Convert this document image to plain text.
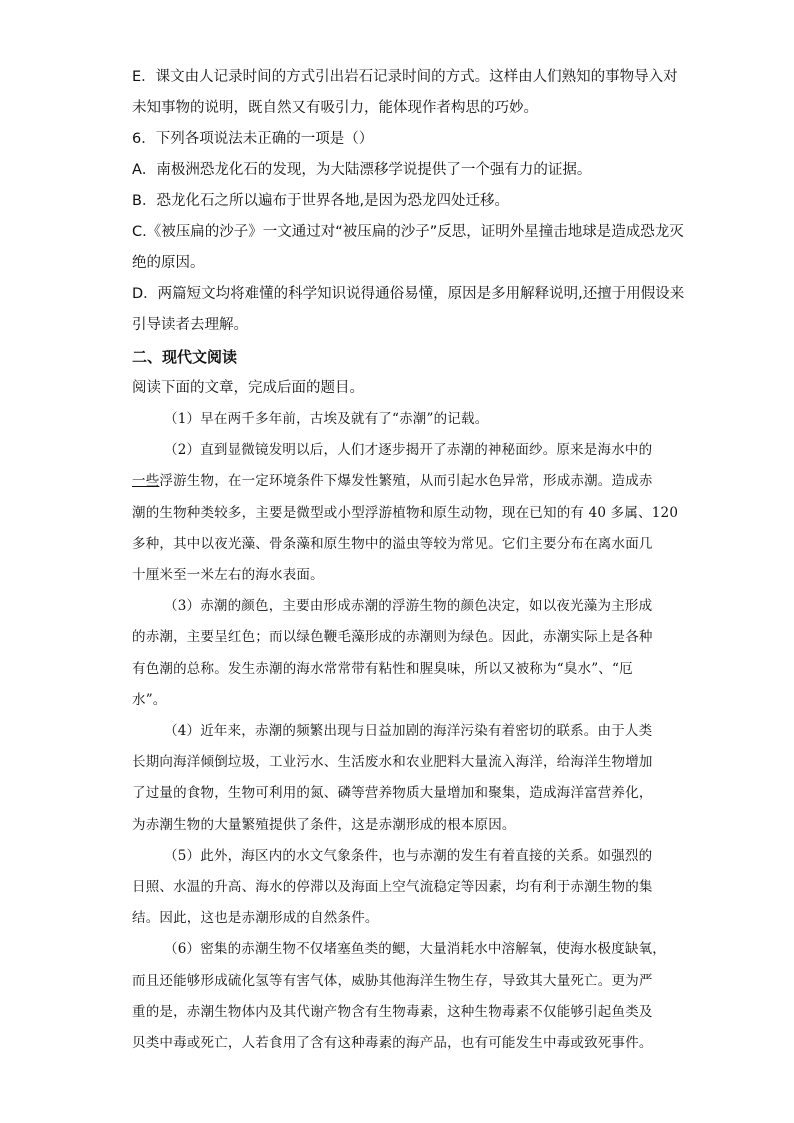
E．课文由人记录时间的方式引出岩石记录时间的方式。这样由人们熟知的事物导入对
未知事物的说明，既自然又有吸引力，能体现作者构思的巧妙。
6．下列各项说法未正确的一项是（）
A．南极洲恐龙化石的发现，为大陆漂移学说提供了一个强有力的证据。
B．恐龙化石之所以遍布于世界各地,是因为恐龙四处迁移。
C.《被压扁的沙子》一文通过对“被压扁的沙子”反思，证明外星撞击地球是造成恐龙灭
绝的原因。
D．两篇短文均将难懂的科学知识说得通俗易懂，原因是多用解释说明,还擅于用假设来
引导读者去理解。
二、现代文阅读
阅读下面的文章，完成后面的题目。

（1）早在两千多年前，古埃及就有了“赤潮”的记载。

（2）直到显微镜发明以后，人们才逐步揭开了赤潮的神秘面纱。原来是海水中的
一些浮游生物，在一定环境条件下爆发性繁殖，从而引起水色异常，形成赤潮。造成赤
潮的生物种类较多，主要是微型或小型浮游植物和原生动物，现在已知的有 40 多属、120
多种，其中以夜光藻、骨条藻和原生物中的溢虫等较为常见。它们主要分布在离水面几
十厘米至一米左右的海水表面。

（3）赤潮的颜色，主要由形成赤潮的浮游生物的颜色决定，如以夜光藻为主形成
的赤潮，主要呈红色；而以绿色鞭毛藻形成的赤潮则为绿色。因此，赤潮实际上是各种
有色潮的总称。发生赤潮的海水常常带有粘性和腥臭味，所以又被称为“臭水”、“厄
水”。

（4）近年来，赤潮的频繁出现与日益加剧的海洋污染有着密切的联系。由于人类
长期向海洋倾倒垃圾，工业污水、生活废水和农业肥料大量流入海洋，给海洋生物增加
了过量的食物，生物可利用的氮、磷等营养物质大量增加和聚集，造成海洋富营养化，
为赤潮生物的大量繁殖提供了条件，这是赤潮形成的根本原因。

（5）此外，海区内的水文气象条件，也与赤潮的发生有着直接的关系。如强烈的
日照、水温的升高、海水的停滞以及海面上空气流稳定等因素，均有利于赤潮生物的集
结。因此，这也是赤潮形成的自然条件。

（6）密集的赤潮生物不仅堵塞鱼类的鳃，大量消耗水中溶解氧，使海水极度缺氧，
而且还能够形成硫化氢等有害气体，威胁其他海洋生物生存，导致其大量死亡。更为严
重的是，赤潮生物体内及其代谢产物含有生物毒素，这种生物毒素不仅能够引起鱼类及
贝类中毒或死亡，人若食用了含有这种毒素的海产品，也有可能发生中毒或致死事件。
